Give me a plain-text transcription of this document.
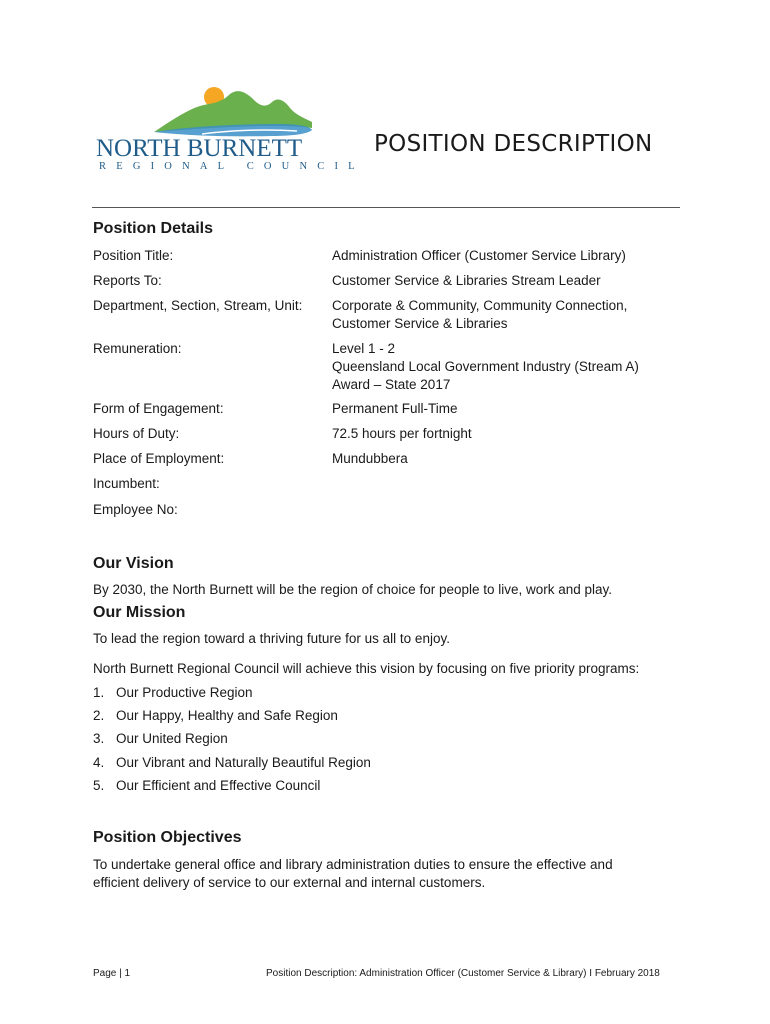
NORTH BURNETT
REGIONAL COUNCIL
POSITION DESCRIPTION
Position Details
Position Title:	Administration Officer (Customer Service Library)
Reports To:	Customer Service & Libraries Stream Leader
Department, Section, Stream, Unit: Corporate & Community, Community Connection,
Customer Service & Libraries
Remuneration:	Level 1 - 2
Queensland Local Government Industry (Stream A)
Award – State 2017
Form of Engagement:	Permanent Full-Time
Hours of Duty:	72.5 hours per fortnight
Place of Employment:	Mundubbera
Incumbent:
Employee No:
Our Vision
By 2030, the North Burnett will be the region of choice for people to live, work and play.
Our Mission
To lead the region toward a thriving future for us all to enjoy.
North Burnett Regional Council will achieve this vision by focusing on five priority programs:
1. Our Productive Region
2. Our Happy, Healthy and Safe Region
3. Our United Region
4. Our Vibrant and Naturally Beautiful Region
5. Our Efficient and Effective Council
Position Objectives
To undertake general office and library administration duties to ensure the effective and efficient delivery of service to our external and internal customers.
Page | 1	Position Description: Administration Officer (Customer Service & Library) I February 2018
